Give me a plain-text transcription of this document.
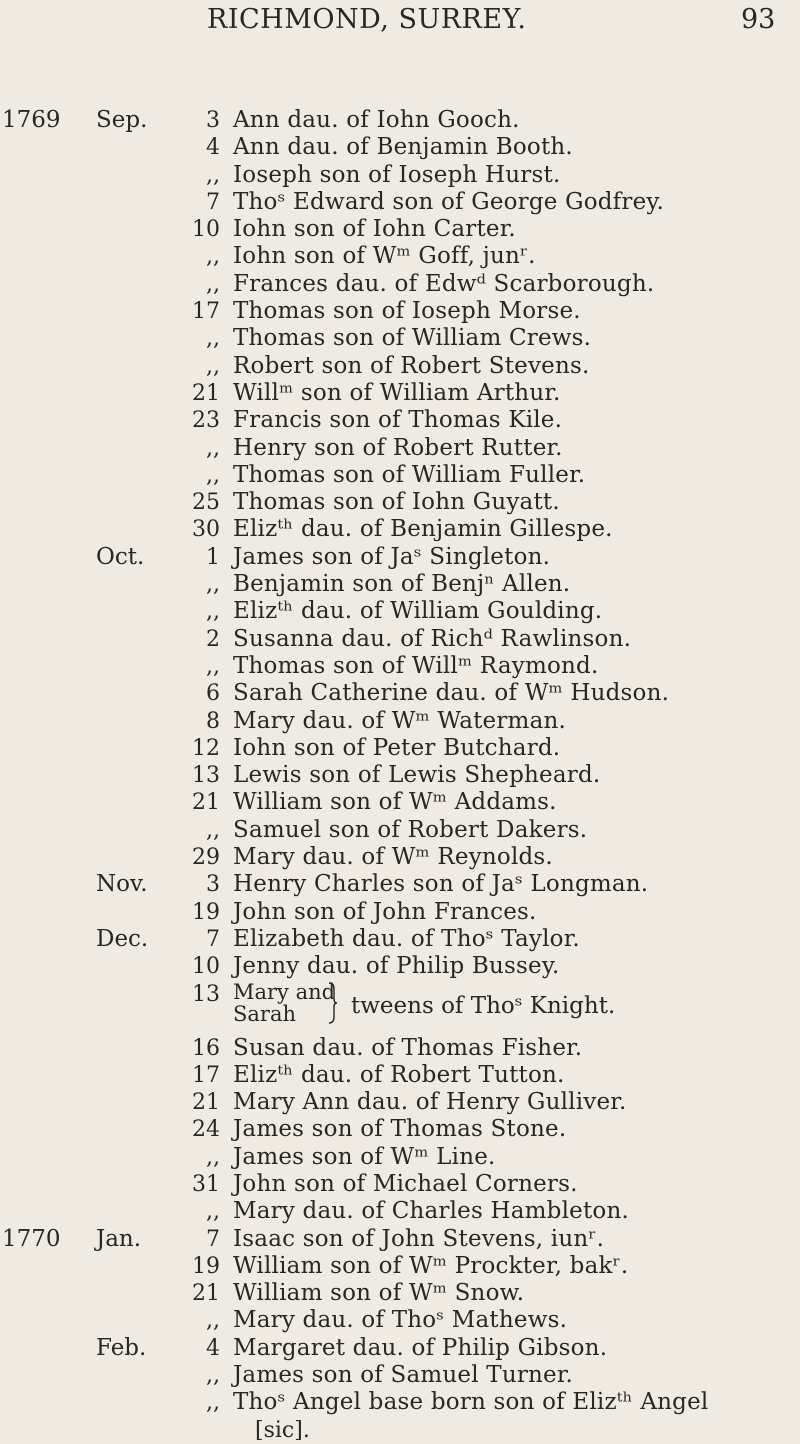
RICHMOND, SURREY.	93
1769 Sep.	3 Ann dau. of Iohn Gooch.
4 Ann dau. of Benjamin Booth.
,, Ioseph son of Ioseph Hurst.
7 Thoˢ Edward son of George Godfrey.
10 Iohn son of Iohn Carter.
,, Iohn son of Wᵐ Goff, junʳ.
,, Frances dau. of Edwᵈ Scarborough.
17 Thomas son of Ioseph Morse.
,, Thomas son of William Crews.
,, Robert son of Robert Stevens.
21 Willᵐ son of William Arthur.
23 Francis son of Thomas Kile.
,, Henry son of Robert Rutter.
,, Thomas son of William Fuller.
25 Thomas son of Iohn Guyatt.
30 Elizᵗʰ dau. of Benjamin Gillespe.
Oct.	1 James son of Jaˢ Singleton.
,, Benjamin son of Benjⁿ Allen.
,, Elizᵗʰ dau. of William Goulding.
2 Susanna dau. of Richᵈ Rawlinson.
,, Thomas son of Willᵐ Raymond.
6 Sarah Catherine dau. of Wᵐ Hudson.
8 Mary dau. of Wᵐ Waterman.
12 Iohn son of Peter Butchard.
13 Lewis son of Lewis Shepheard.
21 William son of Wᵐ Addams.
,, Samuel son of Robert Dakers.
29 Mary dau. of Wᵐ Reynolds.
Nov.	3 Henry Charles son of Jaˢ Longman.
19 John son of John Frances.
Dec.	7 Elizabeth dau. of Thoˢ Taylor.
10 Jenny dau. of Philip Bussey.
13 Mary and
Sarah	tweens of Thoˢ Knight.
16 Susan dau. of Thomas Fisher.
17 Elizᵗʰ dau. of Robert Tutton.
21 Mary Ann dau. of Henry Gulliver.
24 James son of Thomas Stone.
,, James son of Wᵐ Line.
31 John son of Michael Corners.
,, Mary dau. of Charles Hambleton.
1770 Jan.	7 Isaac son of John Stevens, iunʳ.
19 William son of Wᵐ Prockter, bakʳ.
21 William son of Wᵐ Snow.
,, Mary dau. of Thoˢ Mathews.
Feb.	4 Margaret dau. of Philip Gibson.
,, James son of Samuel Turner.
,, Thoˢ Angel base born son of Elizᵗʰ Angel
[sic].
